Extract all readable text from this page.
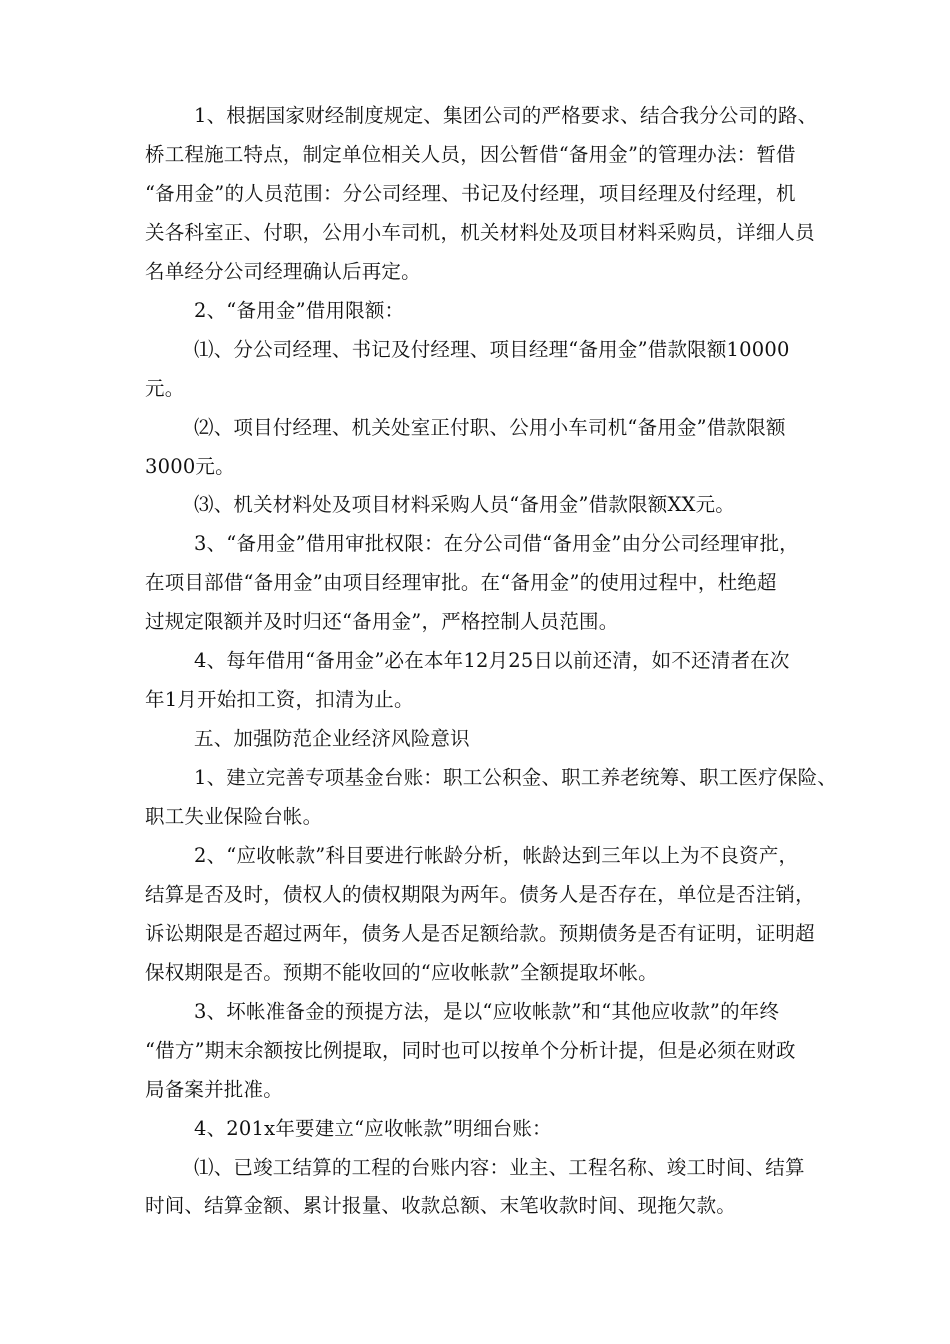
1、根据国家财经制度规定、集团公司的严格要求、结合我分公司的路、
桥工程施工特点，制定单位相关人员，因公暂借“备用金”的管理办法：暂借
“备用金”的人员范围：分公司经理、书记及付经理，项目经理及付经理，机
关各科室正、付职，公用小车司机，机关材料处及项目材料采购员，详细人员
名单经分公司经理确认后再定。
2、“备用金”借用限额：
⑴、分公司经理、书记及付经理、项目经理“备用金”借款限额10000
元。
⑵、项目付经理、机关处室正付职、公用小车司机“备用金”借款限额
3000元。
⑶、机关材料处及项目材料采购人员“备用金”借款限额XX元。
3、“备用金”借用审批权限：在分公司借“备用金”由分公司经理审批，
在项目部借“备用金”由项目经理审批。在“备用金”的使用过程中，杜绝超
过规定限额并及时归还“备用金”，严格控制人员范围。
4、每年借用“备用金”必在本年12月25日以前还清，如不还清者在次
年1月开始扣工资，扣清为止。
五、加强防范企业经济风险意识
1、建立完善专项基金台账：职工公积金、职工养老统筹、职工医疗保险、
职工失业保险台帐。
2、“应收帐款”科目要进行帐龄分析，帐龄达到三年以上为不良资产，
结算是否及时，债权人的债权期限为两年。债务人是否存在，单位是否注销，
诉讼期限是否超过两年，债务人是否足额给款。预期债务是否有证明，证明超
保权期限是否。预期不能收回的“应收帐款”全额提取坏帐。
3、坏帐准备金的预提方法，是以“应收帐款”和“其他应收款”的年终
“借方”期末余额按比例提取，同时也可以按单个分析计提，但是必须在财政
局备案并批准。
4、201x年要建立“应收帐款”明细台账：
⑴、已竣工结算的工程的台账内容：业主、工程名称、竣工时间、结算
时间、结算金额、累计报量、收款总额、末笔收款时间、现拖欠款。
